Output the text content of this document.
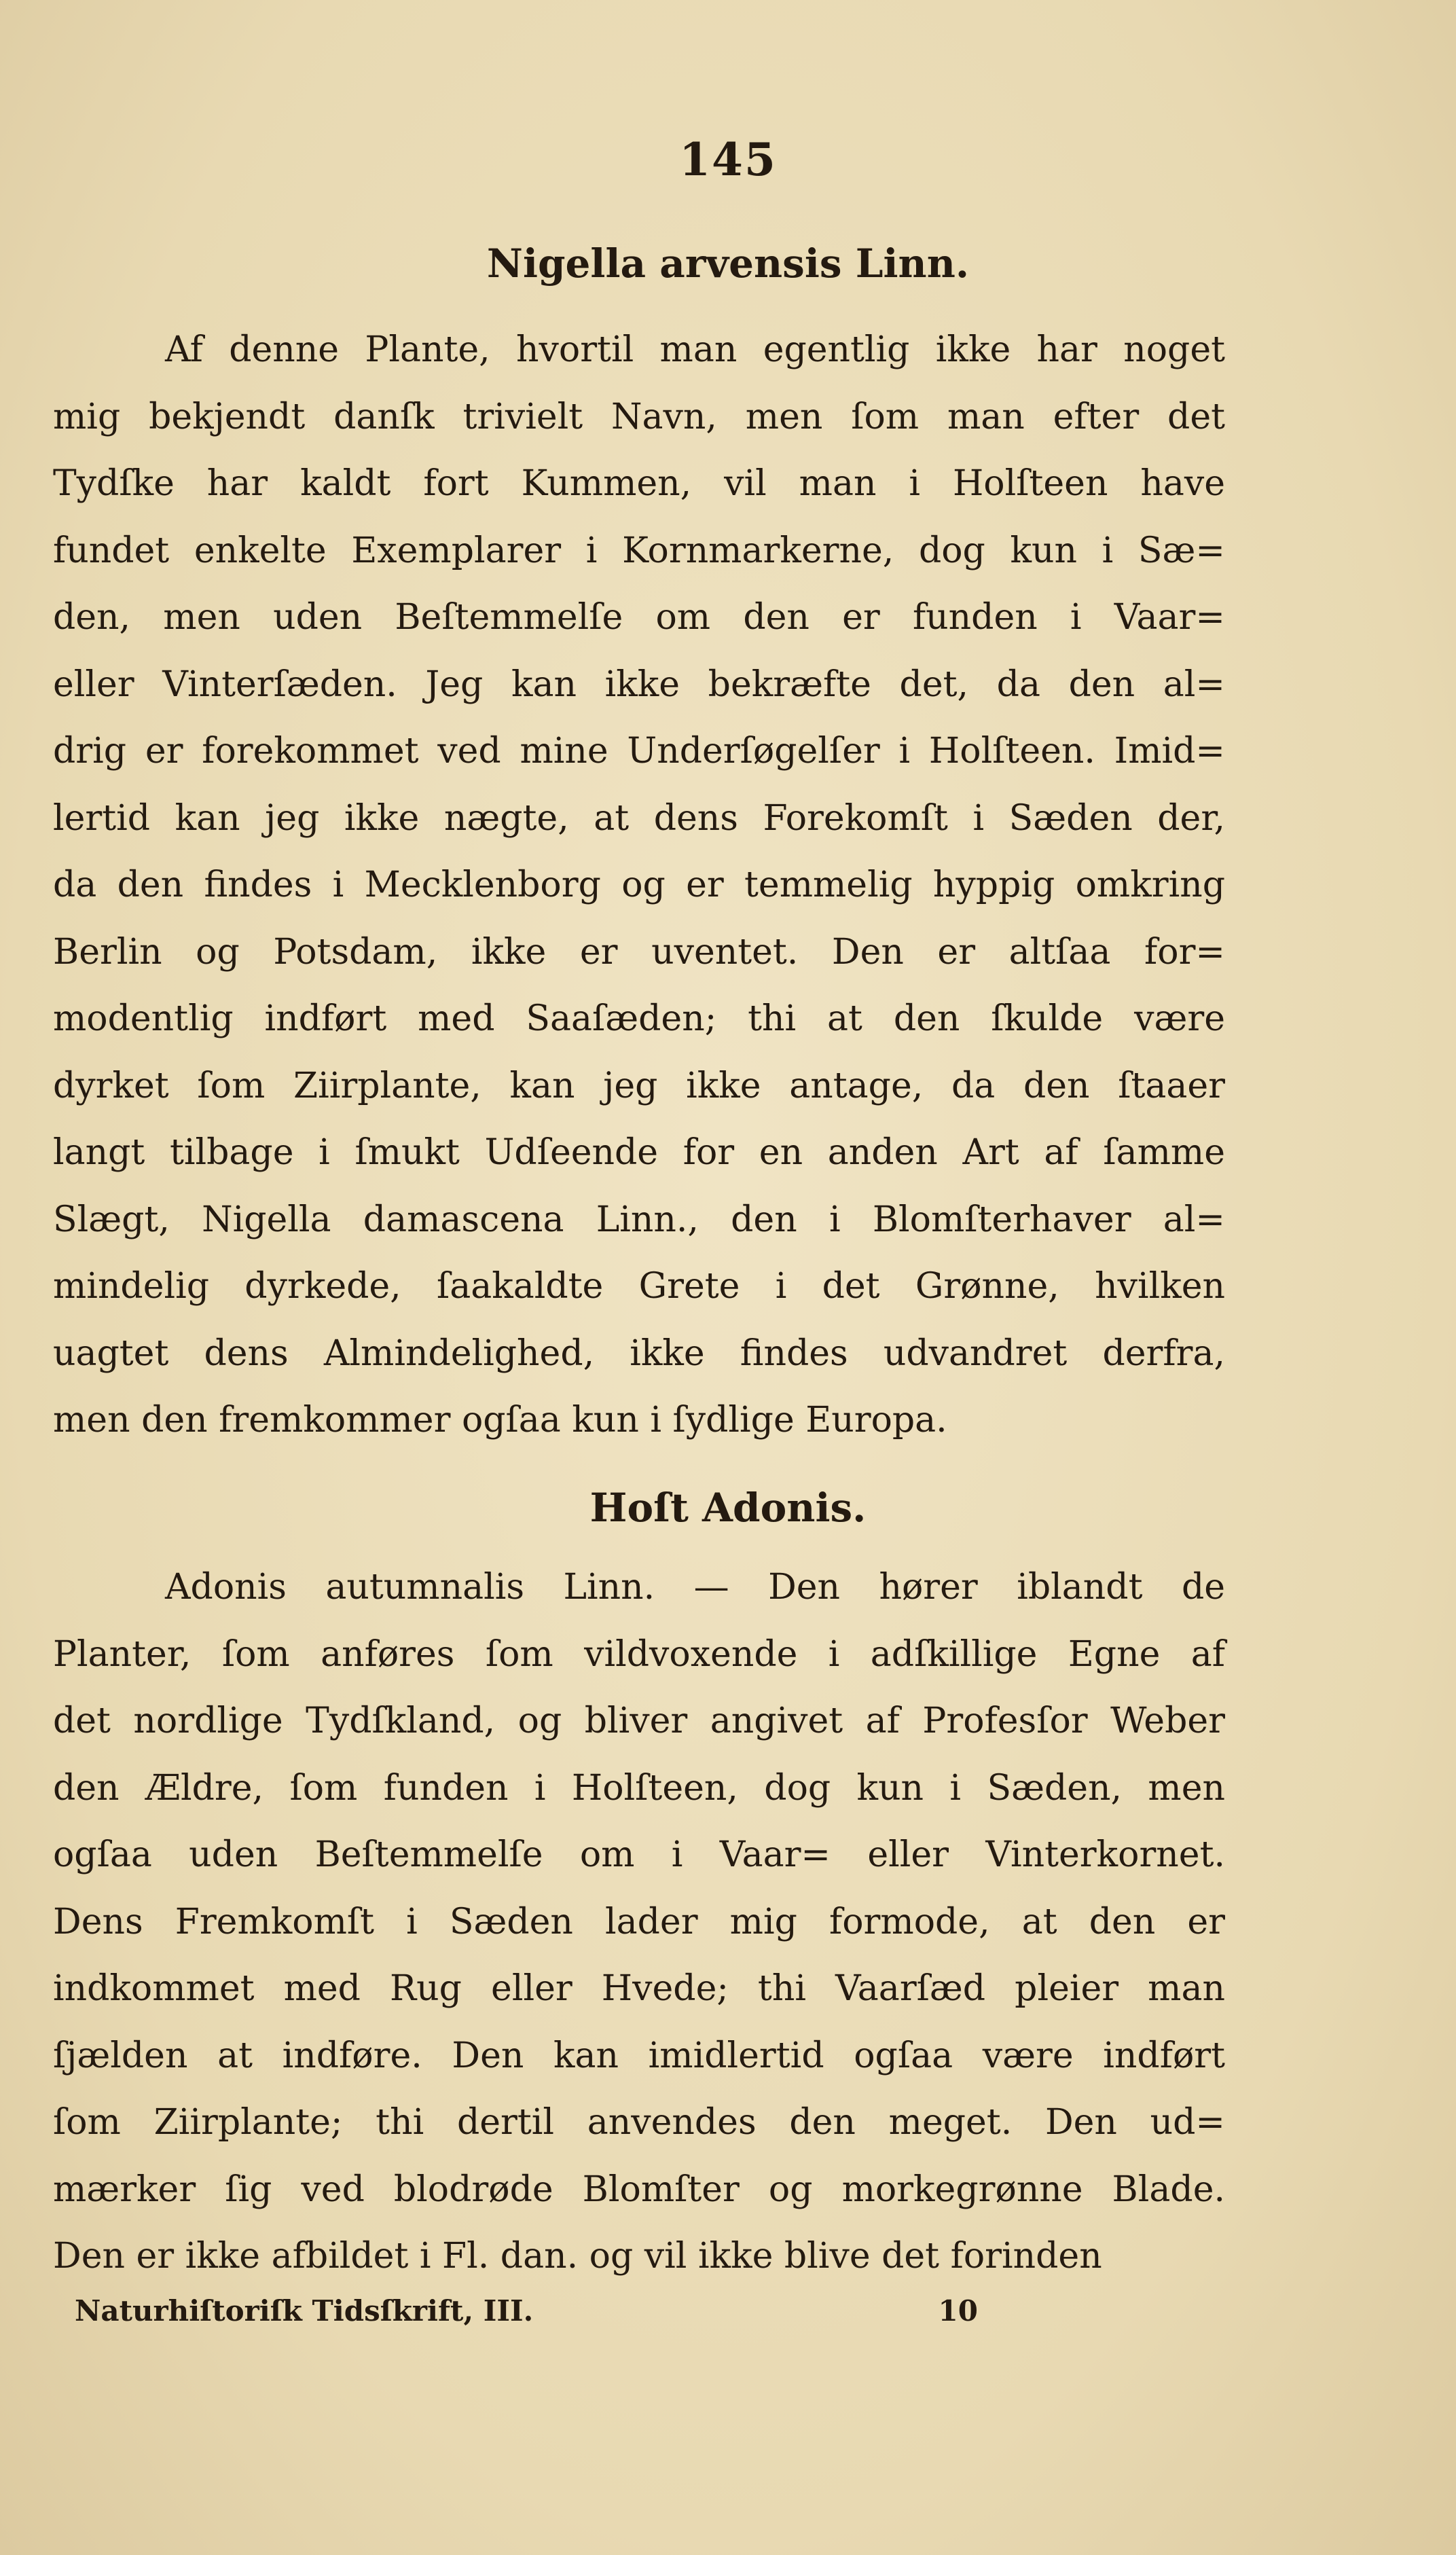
145
Nigella arvensis Linn.
Af denne Plante, hvortil man egentlig ikke har noget
mig bekjendt danſk trivielt Navn, men ſom man efter det
Tydſke har kaldt fort Kummen, vil man i Holſteen have
fundet enkelte Exemplarer i Kornmarkerne, dog kun i Sæ=
den, men uden Beſtemmelſe om den er funden i Vaar=
eller Vinterſæden. Jeg kan ikke bekræfte det, da den al=
drig er forekommet ved mine Underſøgelſer i Holſteen. Imid=
lertid kan jeg ikke nægte, at dens Forekomſt i Sæden der,
da den findes i Mecklenborg og er temmelig hyppig omkring
Berlin og Potsdam, ikke er uventet. Den er altſaa for=
modentlig indført med Saaſæden; thi at den ſkulde være
dyrket ſom Ziirplante, kan jeg ikke antage, da den ſtaaer
langt tilbage i ſmukt Udſeende for en anden Art af ſamme
Slægt, Nigella damascena Linn., den i Blomſterhaver al=
mindelig dyrkede, ſaakaldte Grete i det Grønne, hvilken
uagtet dens Almindelighed, ikke findes udvandret derfra,
men den fremkommer ogſaa kun i ſydlige Europa.
Hoſt Adonis.
Adonis autumnalis Linn. — Den hører iblandt de
Planter, ſom anføres ſom vildvoxende i adſkillige Egne af
det nordlige Tydſkland, og bliver angivet af Profesſor Weber
den Ældre, ſom funden i Holſteen, dog kun i Sæden, men
ogſaa uden Beſtemmelſe om i Vaar= eller Vinterkornet.
Dens Fremkomſt i Sæden lader mig formode, at den er
indkommet med Rug eller Hvede; thi Vaarſæd pleier man
ſjælden at indføre. Den kan imidlertid ogſaa være indført
ſom Ziirplante; thi dertil anvendes den meget. Den ud=
mærker ſig ved blodrøde Blomſter og morkegrønne Blade.
Den er ikke afbildet i Fl. dan. og vil ikke blive det forinden
Naturhiſtoriſk Tidsſkrift, III.	10
